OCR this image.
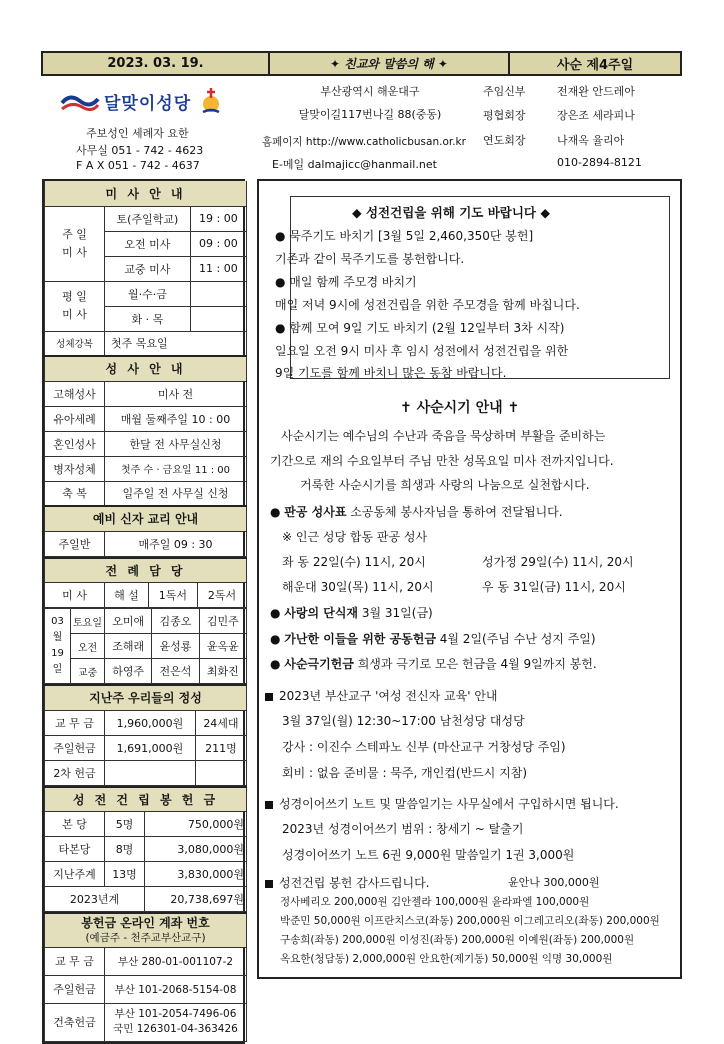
2023. 03. 19.	✦ 친교와 말씀의 해 ✦	사순 제4주일
달맞이성당
주보성인 세례자 요한
사무실 051 - 742 - 4623
F A X 051 - 742 - 4637
부산광역시 해운대구
달맞이길117번나길 88(중동)
홈페이지 http://www.catholicbusan.or.kr
E-메일 dalmajicc@hanmail.net
주임신부	전재완 안드레아
평협회장	장은조 세라피나
연도회장	나재옥 율리아
010-2894-8121
미 사 안 내		
주 일
미 사	토(주일학교)	19 : 00
	오전 미사	09 : 00
	교중 미사	11 : 00
평 일
미 사	월·수·금	
	화 · 목	
성체강복	첫주 목요일	
성 사 안 내		
고해성사	미사 전	
유아세례	매월 둘째주일 10 : 00	
혼인성사	한달 전 사무실신청	
병자성체	첫주 수 · 금요일 11 : 00	
축 복	일주일 전 사무실 신청	
예비 신자 교리 안내		
주일반	매주일 09 : 30	
전 례 담 당
미 사	해 설	1독서	2독서
03월
19일	토요일	오미애	김종오	김민주
	오전	조해래	윤성룡	윤옥윤
	교중	하영주	전은석	최화진
지난주 우리들의 정성		
교 무 금	1,960,000원	24세대
주일헌금	1,691,000원	211명
2차 헌금		
성 전 건 립 봉 헌 금		
본 당	5명	750,000원
타본당	8명	3,080,000원
지난주계	13명	3,830,000원
2023년계		20,738,697원
봉헌금 온라인 계좌 번호
(예금주 - 천주교부산교구)	
교 무 금	부산 280-01-001107-2
주일헌금	부산 101-2068-5154-08
건축헌금	부산 101-2054-7496-06
국민 126301-04-363426
◆ 성전건립을 위해 기도 바랍니다 ◆
● 묵주기도 바치기 [3월 5일 2,460,350단 봉헌]
기존과 같이 묵주기도를 봉헌합니다.
● 매일 함께 주모경 바치기
매일 저녁 9시에 성전건립을 위한 주모경을 함께 바칩니다.
● 함께 모여 9일 기도 바치기 (2월 12일부터 3차 시작)
일요일 오전 9시 미사 후 임시 성전에서 성전건립을 위한
9일 기도를 함께 바치니 많은 동참 바랍니다.
✝ 사순시기 안내 ✝
사순시기는 예수님의 수난과 죽음을 묵상하며 부활을 준비하는
기간으로 재의 수요일부터 주님 만찬 성목요일 미사 전까지입니다.
거룩한 사순시기를 희생과 사랑의 나눔으로 실천합시다.
● 판공 성사표 소공동체 봉사자님을 통하여 전달됩니다.
※ 인근 성당 합동 판공 성사
좌 동 22일(수) 11시, 20시	성가정 29일(수) 11시, 20시
해운대 30일(목) 11시, 20시	우 동 31일(금) 11시, 20시
● 사랑의 단식재 3월 31일(금)
● 가난한 이들을 위한 공동헌금 4월 2일(주님 수난 성지 주일)
● 사순극기헌금 희생과 극기로 모은 헌금을 4월 9일까지 봉헌.
2023년 부산교구 '여성 전신자 교육' 안내
3월 37일(월) 12:30~17:00 남천성당 대성당
강사 : 이진수 스테파노 신부 (마산교구 거창성당 주임)
회비 : 없음 준비물 : 묵주, 개인컵(반드시 지참)
성경이어쓰기 노트 및 말씀일기는 사무실에서 구입하시면 됩니다.
2023년 성경이어쓰기 범위 : 창세기 ~ 탈출기
성경이어쓰기 노트 6권 9,000원 말씀일기 1권 3,000원
성전건립 봉헌 감사드립니다.	윤안나 300,000원
정사베리오 200,000원 김안젤라 100,000원 윤라파엘 100,000원
박준민 50,000원 이프란치스코(좌동) 200,000원 이그레고리오(좌동) 200,000원
구송희(좌동) 200,000원 이성진(좌동) 200,000원 이예원(좌동) 200,000원
옥요한(청담동) 2,000,000원 안요한(제기동) 50,000원 익명 30,000원
